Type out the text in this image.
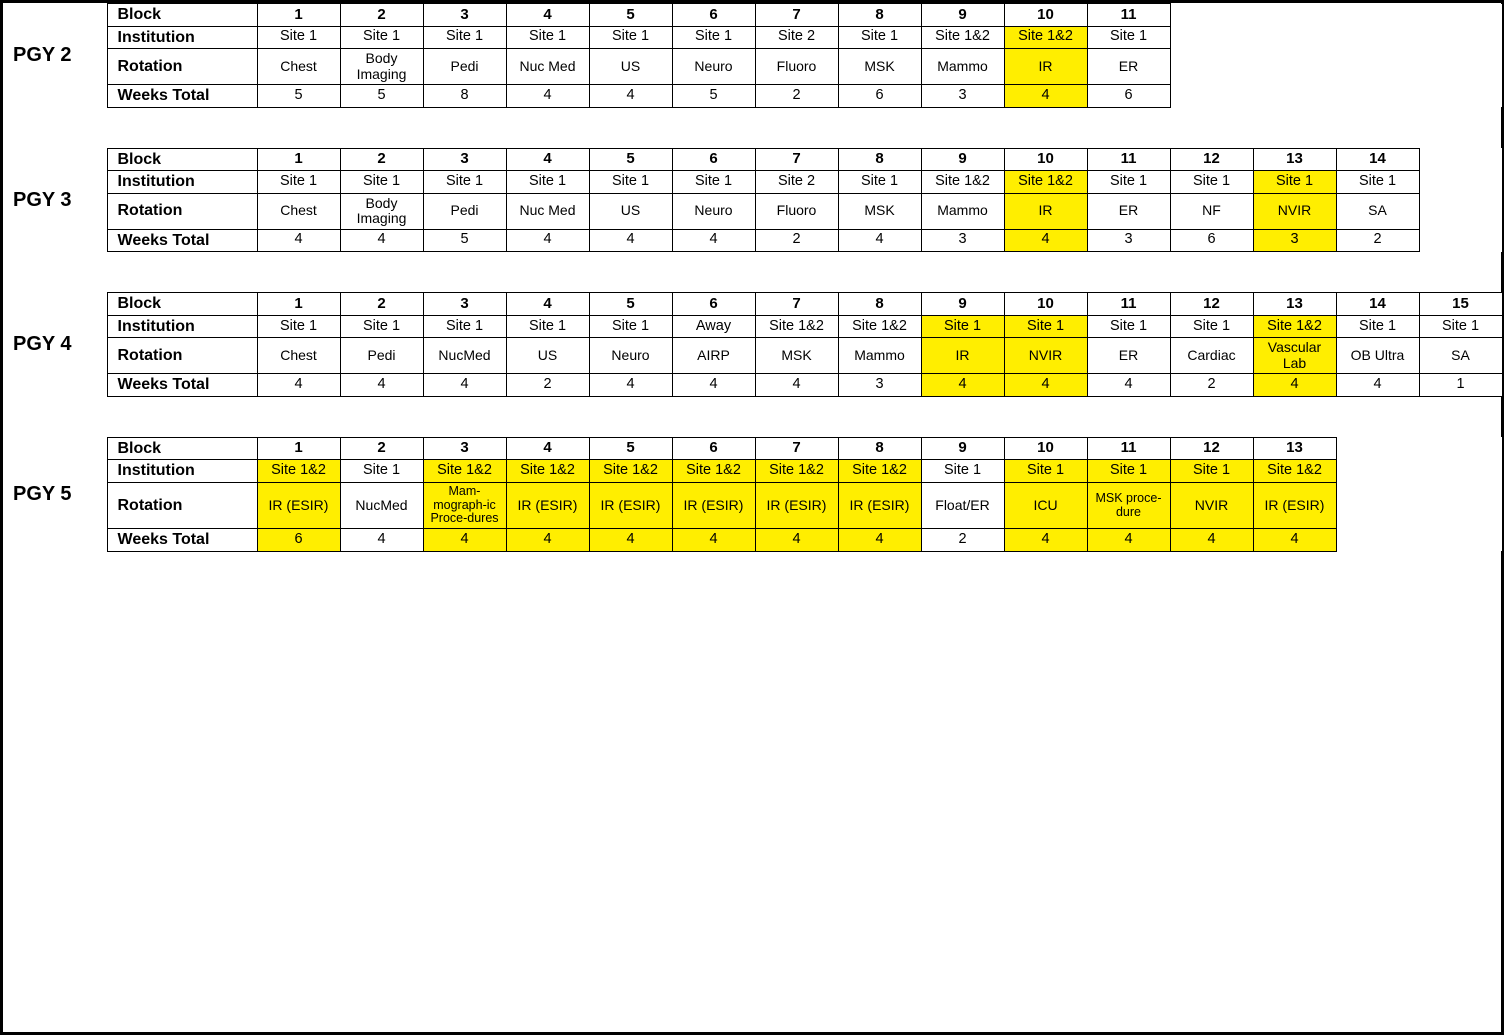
PGY 2	Block	1	2	3	4	5	6	7	8	9	10	11				
	Institution	Site 1	Site 1	Site 1	Site 1	Site 1	Site 1	Site 2	Site 1	Site 1&2	Site 1&2	Site 1				
	Rotation	Chest	Body Imaging	Pedi	Nuc Med	US	Neuro	Fluoro	MSK	Mammo	IR	ER				
	Weeks Total	5	5	8	4	4	5	2	6	3	4	6				
PGY 3	Block	1	2	3	4	5	6	7	8	9	10	11	12	13	14	
	Institution	Site 1	Site 1	Site 1	Site 1	Site 1	Site 1	Site 2	Site 1	Site 1&2	Site 1&2	Site 1	Site 1	Site 1	Site 1	
	Rotation	Chest	Body Imaging	Pedi	Nuc Med	US	Neuro	Fluoro	MSK	Mammo	IR	ER	NF	NVIR	SA	
	Weeks Total	4	4	5	4	4	4	2	4	3	4	3	6	3	2	
PGY 4	Block	1	2	3	4	5	6	7	8	9	10	11	12	13	14	15
	Institution	Site 1	Site 1	Site 1	Site 1	Site 1	Away	Site 1&2	Site 1&2	Site 1	Site 1	Site 1	Site 1	Site 1&2	Site 1	Site 1
	Rotation	Chest	Pedi	NucMed	US	Neuro	AIRP	MSK	Mammo	IR	NVIR	ER	Cardiac	Vascular Lab	OB Ultra	SA
	Weeks Total	4	4	4	2	4	4	4	3	4	4	4	2	4	4	1
PGY 5	Block	1	2	3	4	5	6	7	8	9	10	11	12	13		
	Institution	Site 1&2	Site 1	Site 1&2	Site 1&2	Site 1&2	Site 1&2	Site 1&2	Site 1&2	Site 1	Site 1	Site 1	Site 1	Site 1&2		
	Rotation	IR (ESIR)	NucMed	Mam-​mograph-​ic Proce-​dures	IR (ESIR)	IR (ESIR)	IR (ESIR)	IR (ESIR)	IR (ESIR)	Float/ER	ICU	MSK proce-​dure	NVIR	IR (ESIR)		
	Weeks Total	6	4	4	4	4	4	4	4	2	4	4	4	4		
